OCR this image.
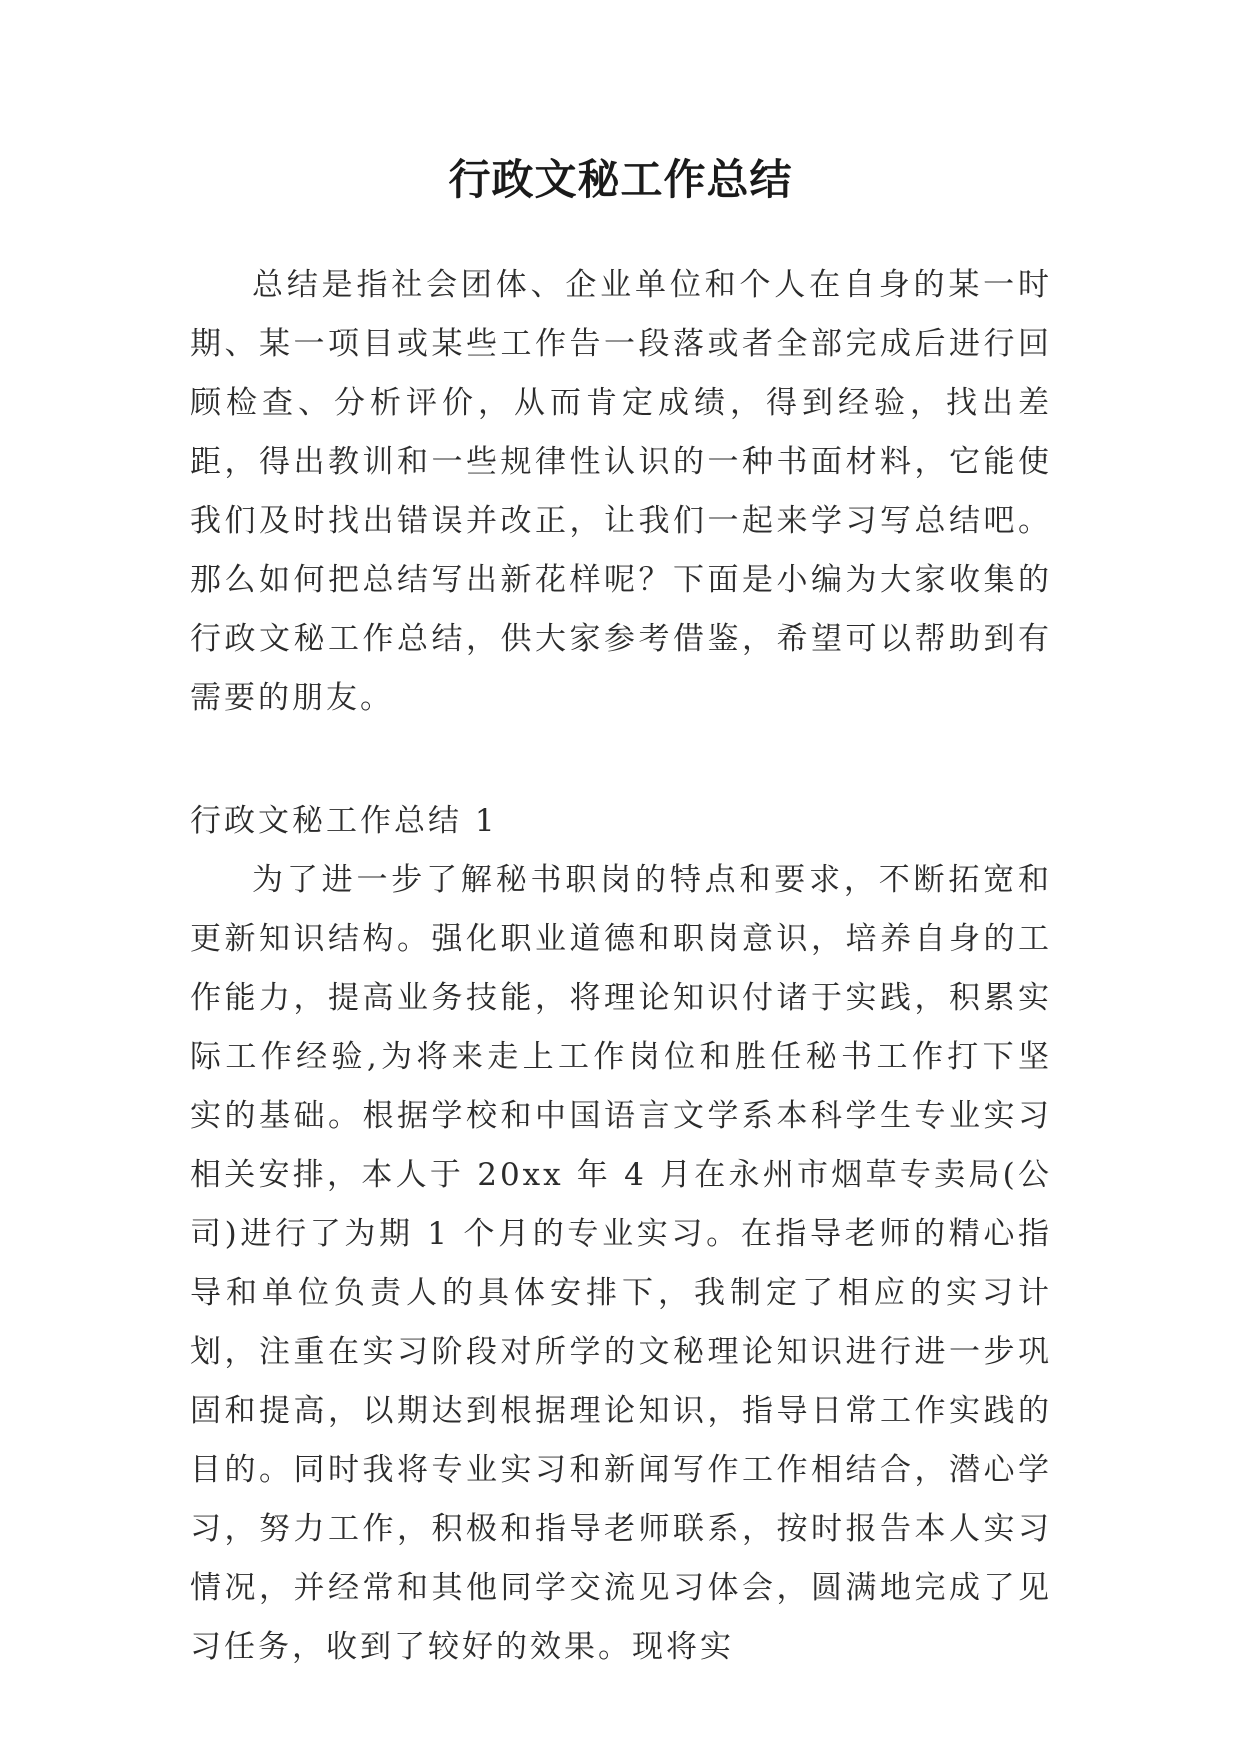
行政文秘工作总结

总结是指社会团体、企业单位和个人在自身的某一时期、某一项目或某些工作告一段落或者全部完成后进行回顾检查、分析评价，从而肯定成绩，得到经验，找出差距，得出教训和一些规律性认识的一种书面材料，它能使我们及时找出错误并改正，让我们一起来学习写总结吧。那么如何把总结写出新花样呢？下面是小编为大家收集的行政文秘工作总结，供大家参考借鉴，希望可以帮助到有需要的朋友。

行政文秘工作总结 1

为了进一步了解秘书职岗的特点和要求，不断拓宽和更新知识结构。强化职业道德和职岗意识，培养自身的工作能力，提高业务技能，将理论知识付诸于实践，积累实际工作经验,为将来走上工作岗位和胜任秘书工作打下坚实的基础。根据学校和中国语言文学系本科学生专业实习相关安排，本人于 20xx 年 4 月在永州市烟草专卖局(公司)进行了为期 1 个月的专业实习。在指导老师的精心指导和单位负责人的具体安排下，我制定了相应的实习计划，注重在实习阶段对所学的文秘理论知识进行进一步巩固和提高，以期达到根据理论知识，指导日常工作实践的目的。同时我将专业实习和新闻写作工作相结合，潜心学习，努力工作，积极和指导老师联系，按时报告本人实习情况，并经常和其他同学交流见习体会，圆满地完成了见习任务，收到了较好的效果。现将实
